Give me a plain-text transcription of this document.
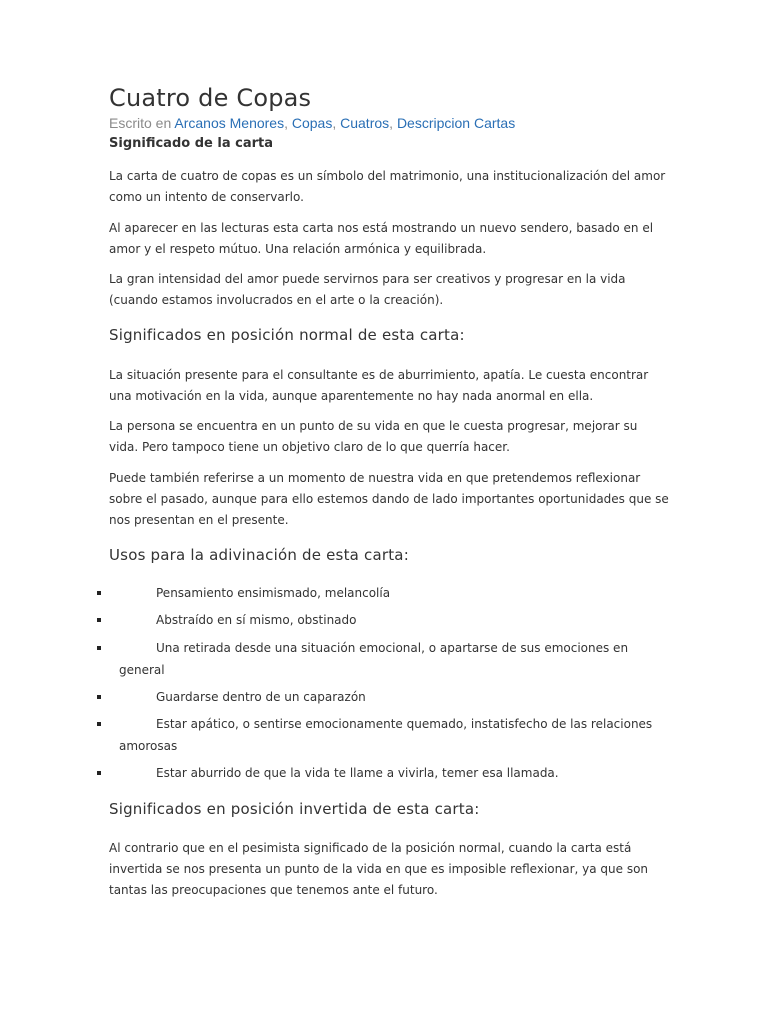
Cuatro de Copas
Escrito en Arcanos Menores, Copas, Cuatros, Descripcion Cartas
Significado de la carta

La carta de cuatro de copas es un símbolo del matrimonio, una institucionalización del amor como un intento de conservarlo.

Al aparecer en las lecturas esta carta nos está mostrando un nuevo sendero, basado en el amor y el respeto mútuo. Una relación armónica y equilibrada.

La gran intensidad del amor puede servirnos para ser creativos y progresar en la vida (cuando estamos involucrados en el arte o la creación).

Significados en posición normal de esta carta:

La situación presente para el consultante es de aburrimiento, apatía. Le cuesta encontrar una motivación en la vida, aunque aparentemente no hay nada anormal en ella.

La persona se encuentra en un punto de su vida en que le cuesta progresar, mejorar su vida. Pero tampoco tiene un objetivo claro de lo que querría hacer.

Puede también referirse a un momento de nuestra vida en que pretendemos reflexionar sobre el pasado, aunque para ello estemos dando de lado importantes oportunidades que se nos presentan en el presente.

Usos para la adivinación de esta carta:
Pensamiento ensimismado, melancolía
Abstraído en sí mismo, obstinado
Una retirada desde una situación emocional, o apartarse de sus emociones en general
Guardarse dentro de un caparazón
Estar apático, o sentirse emocionamente quemado, instatisfecho de las relaciones amorosas
Estar aburrido de que la vida te llame a vivirla, temer esa llamada.
Significados en posición invertida de esta carta:

Al contrario que en el pesimista significado de la posición normal, cuando la carta está invertida se nos presenta un punto de la vida en que es imposible reflexionar, ya que son tantas las preocupaciones que tenemos ante el futuro.
